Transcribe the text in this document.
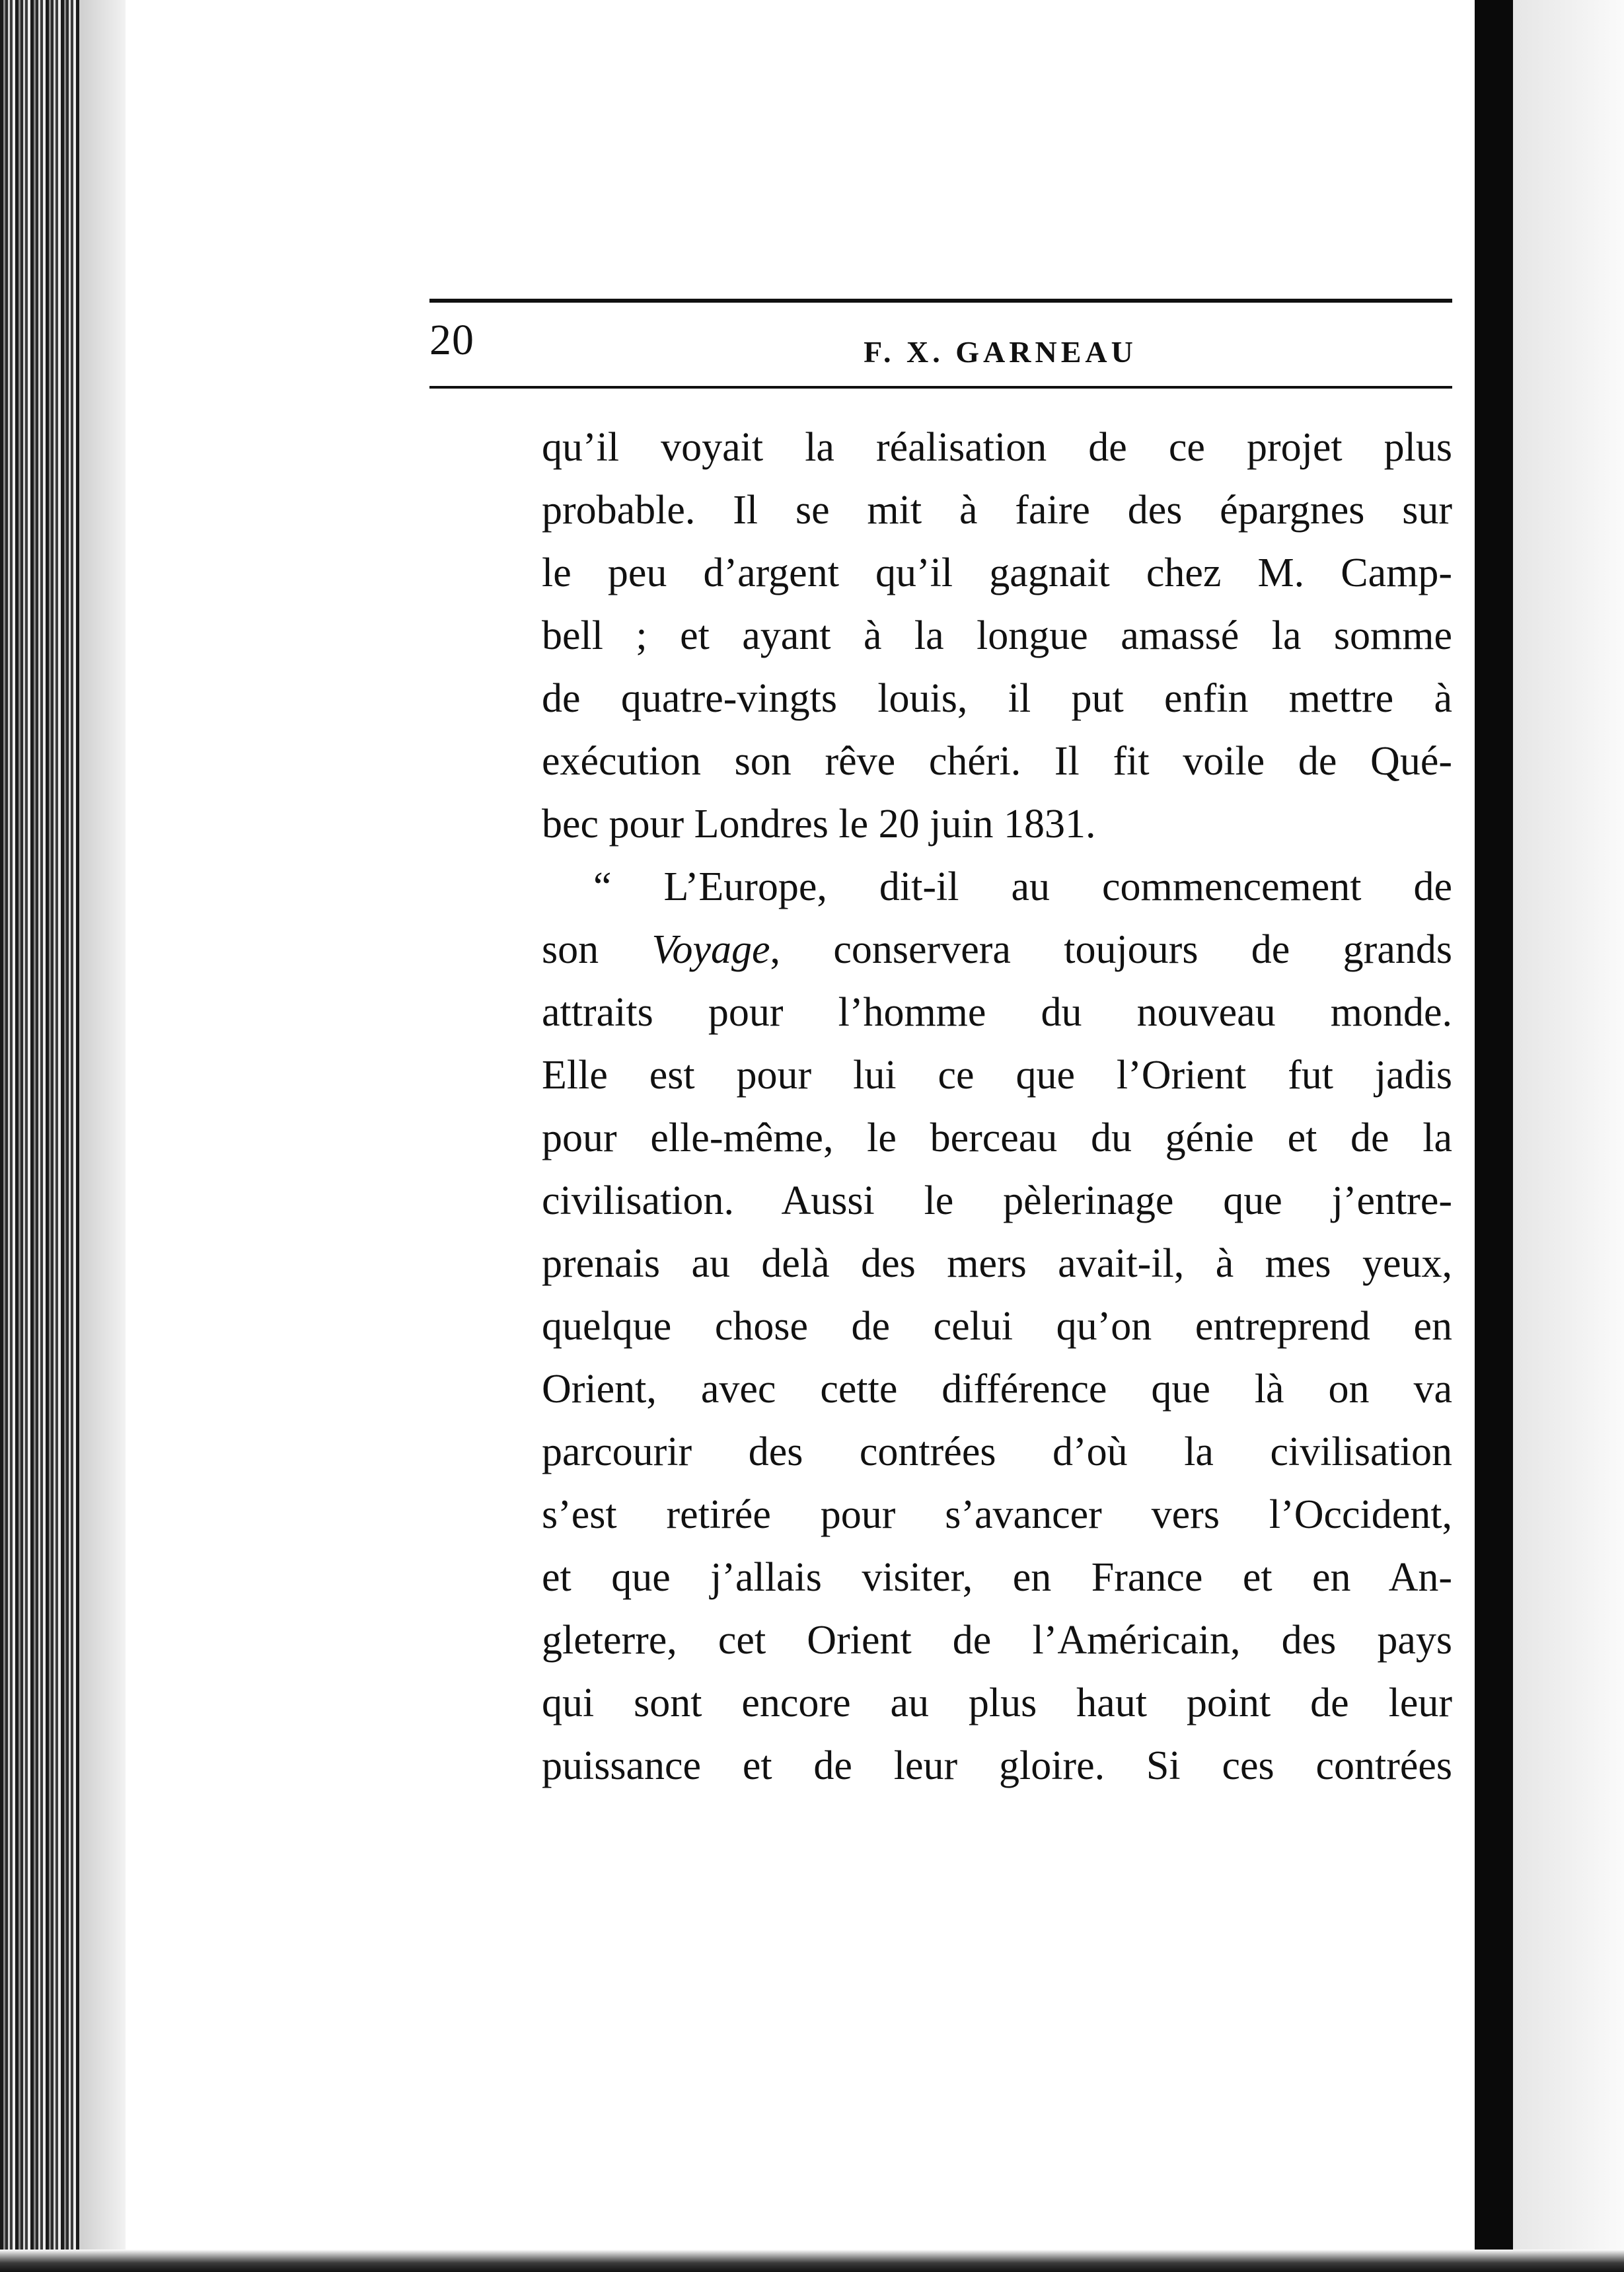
20	F. X. GARNEAU
qu’il voyait la réalisation de ce projet plus
probable. Il se mit à faire des épargnes sur
le peu d’argent qu’il gagnait chez M. Camp-
bell ; et ayant à la longue amassé la somme
de quatre-vingts louis, il put enfin mettre à
exécution son rêve chéri. Il fit voile de Qué-
bec pour Londres le 20 juin 1831.
“ L’Europe, dit-il au commencement de
son Voyage, conservera toujours de grands
attraits pour l’homme du nouveau monde.
Elle est pour lui ce que l’Orient fut jadis
pour elle-même, le berceau du génie et de la
civilisation. Aussi le pèlerinage que j’entre-
prenais au delà des mers avait-il, à mes yeux,
quelque chose de celui qu’on entreprend en
Orient, avec cette différence que là on va
parcourir des contrées d’où la civilisation
s’est retirée pour s’avancer vers l’Occident,
et que j’allais visiter, en France et en An-
gleterre, cet Orient de l’Américain, des pays
qui sont encore au plus haut point de leur
puissance et de leur gloire. Si ces contrées
